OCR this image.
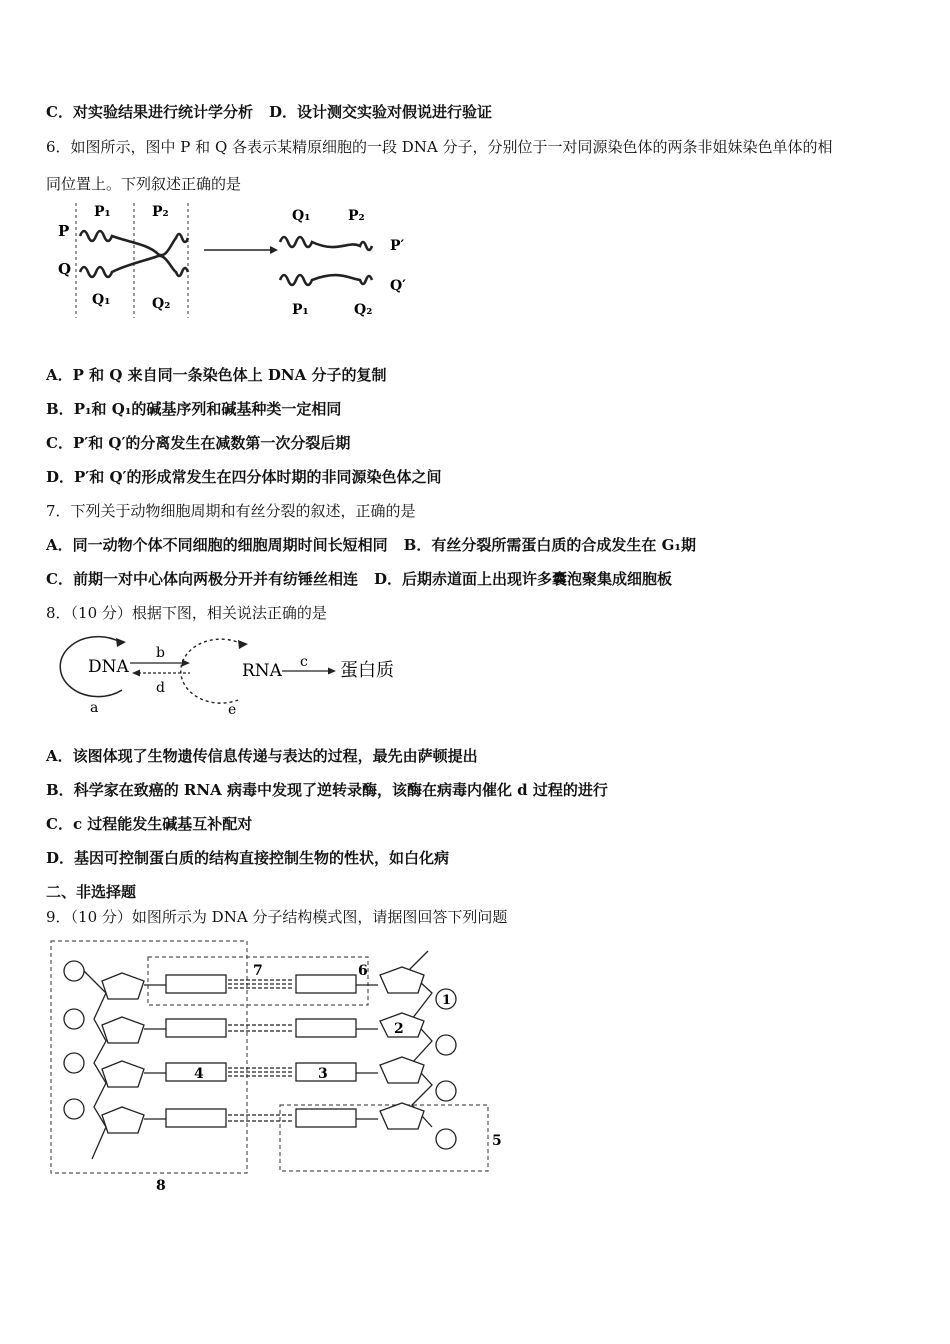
C．对实验结果进行统计学分析 D．设计测交实验对假说进行验证
6．如图所示，图中 P 和 Q 各表示某精原细胞的一段 DNA 分子，分别位于一对同源染色体的两条非姐妹染色单体的相
同位置上。下列叙述正确的是
P
Q
P₁	P₂
Q₁	Q₂
Q₁	P₂
P′
Q′
P₁	Q₂
A．P 和 Q 来自同一条染色体上 DNA 分子的复制
B．P₁和 Q₁的碱基序列和碱基种类一定相同
C．P′和 Q′的分离发生在减数第一次分裂后期
D．P′和 Q′的形成常发生在四分体时期的非同源染色体之间
7．下列关于动物细胞周期和有丝分裂的叙述，正确的是
A．同一动物个体不同细胞的细胞周期时间长短相同 B．有丝分裂所需蛋白质的合成发生在 G₁期
C．前期一对中心体向两极分开并有纺锤丝相连 D．后期赤道面上出现许多囊泡聚集成细胞板
8．（10 分）根据下图，相关说法正确的是
DNA
b
d
RNA c 蛋白质
a	e
A．该图体现了生物遗传信息传递与表达的过程，最先由萨顿提出
B．科学家在致癌的 RNA 病毒中发现了逆转录酶，该酶在病毒内催化 d 过程的进行
C．c 过程能发生碱基互补配对
D．基因可控制蛋白质的结构直接控制生物的性状，如白化病
二、非选择题
9．（10 分）如图所示为 DNA 分子结构模式图，请据图回答下列问题
7	6
1
2
3
4
5
8
